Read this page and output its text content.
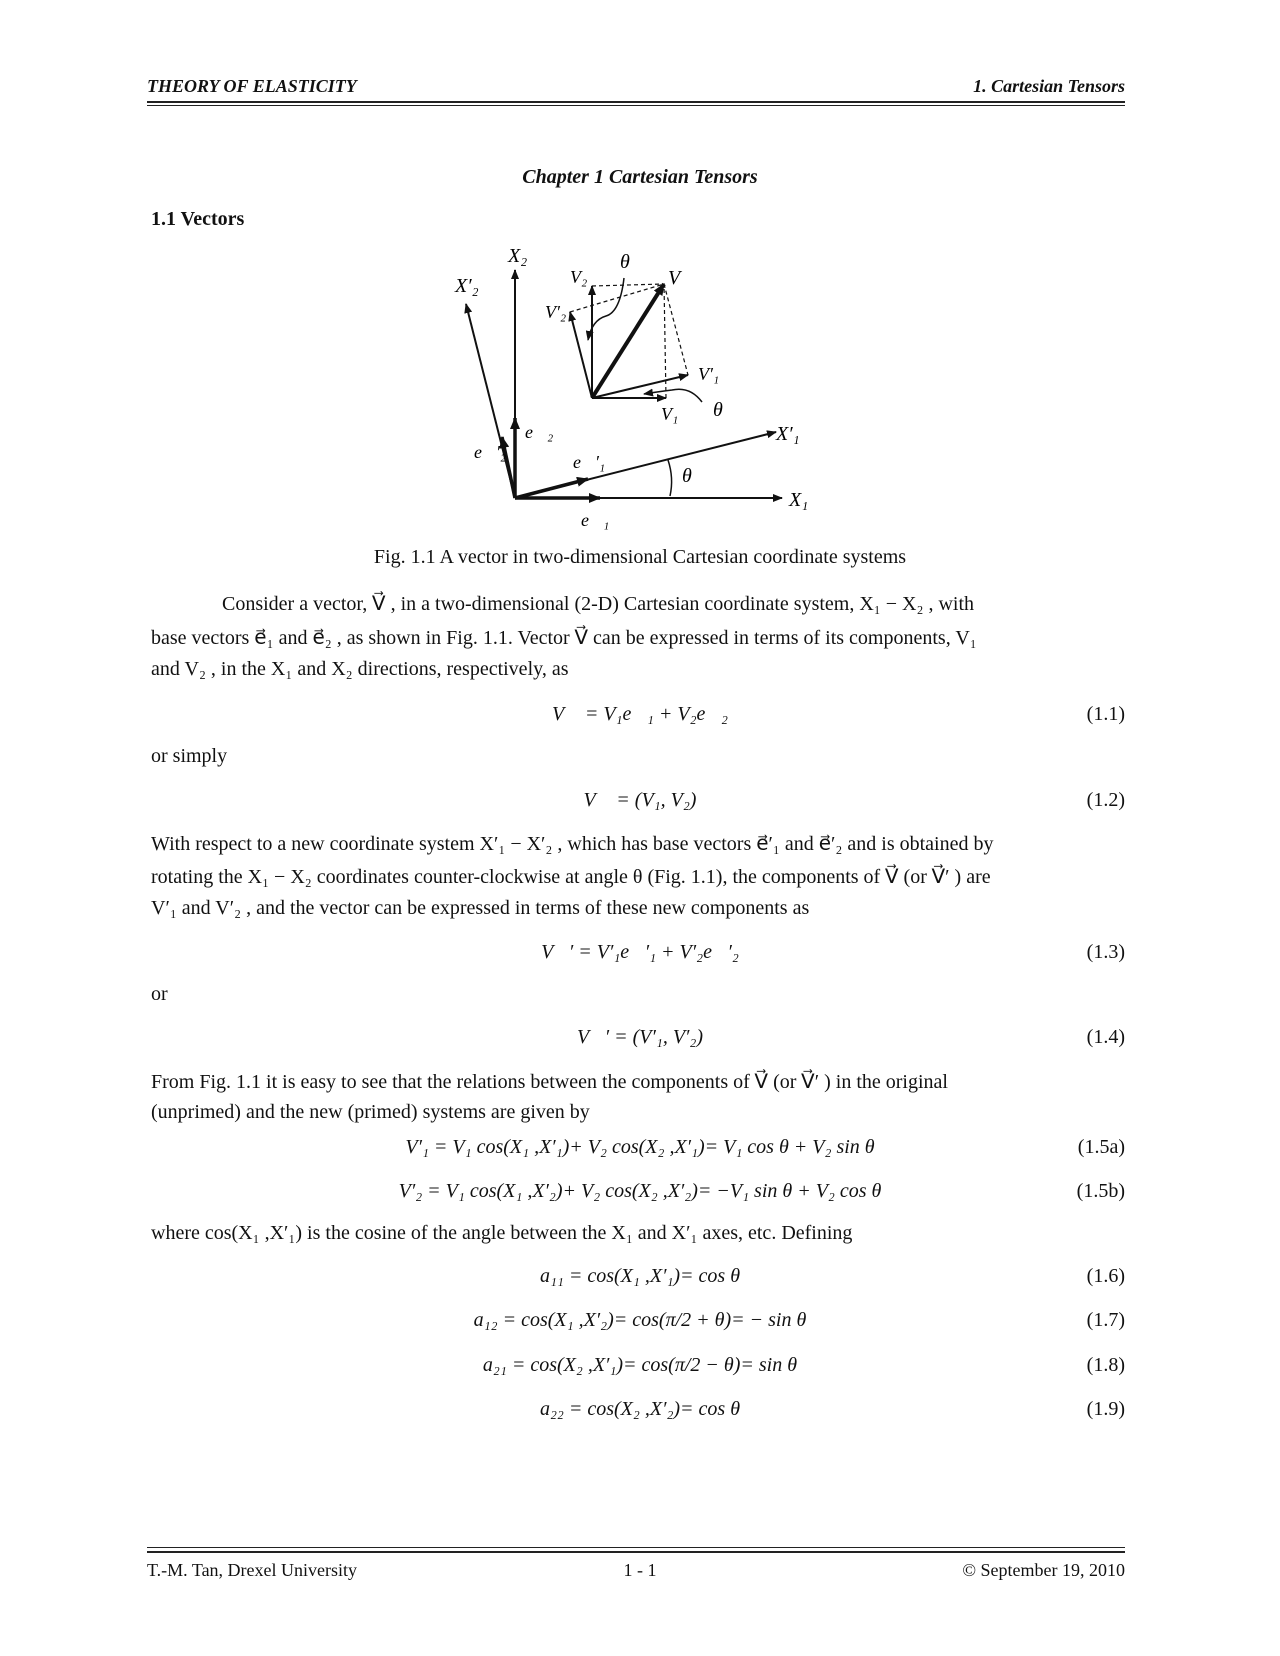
THEORY OF ELASTICITY	1. Cartesian Tensors
Chapter 1 Cartesian Tensors
1.1 Vectors
X₁
X₂
X′₁
X′₂	V⃗
V₁
V₂
V′₁
V′₂
e⃗₁
e⃗₂
e⃗′₁
e⃗′₂
θ
θ
θ
Fig. 1.1 A vector in two-dimensional Cartesian coordinate systems
Consider a vector, V⃗ , in a two-dimensional (2-D) Cartesian coordinate system, X₁ − X₂ , with
base vectors e⃗₁ and e⃗₂ , as shown in Fig. 1.1. Vector V⃗ can be expressed in terms of its components, V₁
and V₂ , in the X₁ and X₂ directions, respectively, as
V⃗ = V₁e⃗₁ + V₂e⃗₂	(1.1)
or simply
V⃗ = (V₁, V₂)	(1.2)
With respect to a new coordinate system X′₁ − X′₂ , which has base vectors e⃗′₁ and e⃗′₂ and is obtained by
rotating the X₁ − X₂ coordinates counter-clockwise at angle θ (Fig. 1.1), the components of V⃗ (or V⃗′ ) are
V′₁ and V′₂ , and the vector can be expressed in terms of these new components as
V⃗′ = V′₁e⃗′₁ + V′₂e⃗′₂	(1.3)
or
V⃗′ = (V′₁, V′₂)	(1.4)
From Fig. 1.1 it is easy to see that the relations between the components of V⃗ (or V⃗′ ) in the original
(unprimed) and the new (primed) systems are given by
V′₁ = V₁ cos(X₁ ,X′₁)+ V₂ cos(X₂ ,X′₁)= V₁ cos θ + V₂ sin θ	(1.5a)
V′₂ = V₁ cos(X₁ ,X′₂)+ V₂ cos(X₂ ,X′₂)= −V₁ sin θ + V₂ cos θ	(1.5b)
where cos(X₁ ,X′₁) is the cosine of the angle between the X₁ and X′₁ axes, etc. Defining
a₁₁ = cos(X₁ ,X′₁)= cos θ	(1.6)
a₁₂ = cos(X₁ ,X′₂)= cos(π/2 + θ)= − sin θ	(1.7)
a₂₁ = cos(X₂ ,X′₁)= cos(π/2 − θ)= sin θ	(1.8)
a₂₂ = cos(X₂ ,X′₂)= cos θ	(1.9)
T.-M. Tan, Drexel University	1 - 1	© September 19, 2010
